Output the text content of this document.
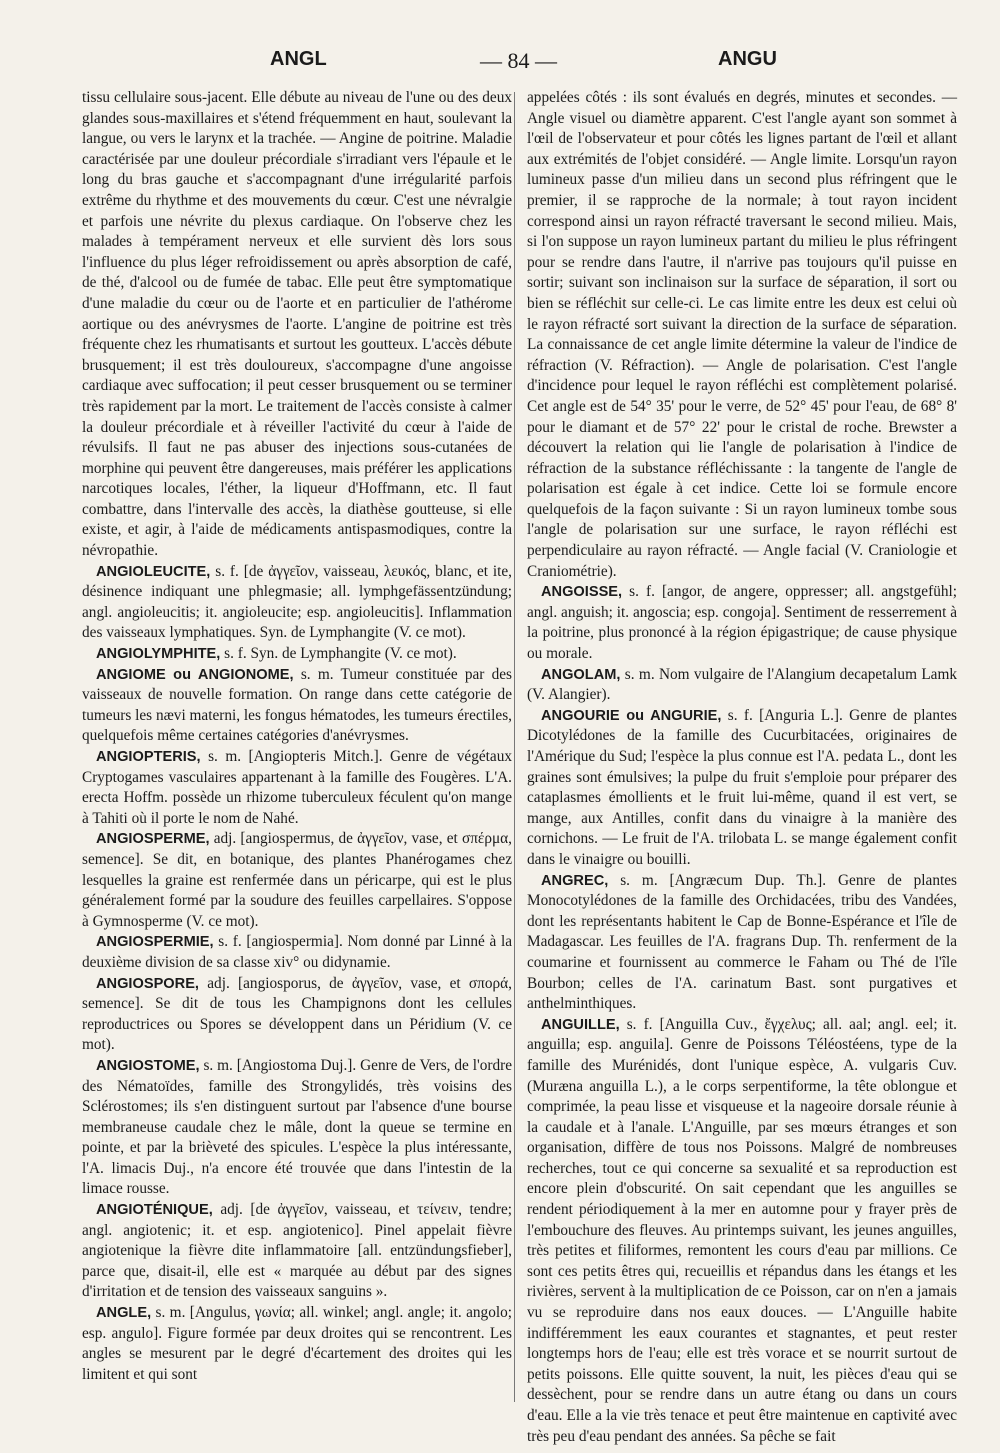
ANGL	— 84 —	ANGU

tissu cellulaire sous-jacent. Elle débute au niveau de l'une ou des deux glandes sous-maxillaires et s'étend fréquemment en haut, soulevant la langue, ou vers le larynx et la trachée. — Angine de poitrine. Maladie caractérisée par une douleur précordiale s'irradiant vers l'épaule et le long du bras gauche et s'accompagnant d'une irrégularité parfois extrême du rhythme et des mouvements du cœur. C'est une névralgie et parfois une névrite du plexus cardiaque. On l'observe chez les malades à tempérament nerveux et elle survient dès lors sous l'influence du plus léger refroidissement ou après absorption de café, de thé, d'alcool ou de fumée de tabac. Elle peut être symptomatique d'une maladie du cœur ou de l'aorte et en particulier de l'athérome aortique ou des anévrysmes de l'aorte. L'angine de poitrine est très fréquente chez les rhumatisants et surtout les goutteux. L'accès débute brusquement; il est très douloureux, s'accompagne d'une angoisse cardiaque avec suffocation; il peut cesser brusquement ou se terminer très rapidement par la mort. Le traitement de l'accès consiste à calmer la douleur précordiale et à réveiller l'activité du cœur à l'aide de révulsifs. Il faut ne pas abuser des injections sous-cutanées de morphine qui peuvent être dangereuses, mais préférer les applications narcotiques locales, l'éther, la liqueur d'Hoffmann, etc. Il faut combattre, dans l'intervalle des accès, la diathèse goutteuse, si elle existe, et agir, à l'aide de médicaments antispasmodiques, contre la névropathie.

ANGIOLEUCITE, s. f. [de ἀγγεῖον, vaisseau, λευκός, blanc, et ite, désinence indiquant une phlegmasie; all. lymphgefässentzündung; angl. angioleucitis; it. angioleucite; esp. angioleucitis]. Inflammation des vaisseaux lymphatiques. Syn. de Lymphangite (V. ce mot).

ANGIOLYMPHITE, s. f. Syn. de Lymphangite (V. ce mot).

ANGIOME ou ANGIONOME, s. m. Tumeur constituée par des vaisseaux de nouvelle formation. On range dans cette catégorie de tumeurs les nævi materni, les fongus hématodes, les tumeurs érectiles, quelquefois même certaines catégories d'anévrysmes.

ANGIOPTERIS, s. m. [Angiopteris Mitch.]. Genre de végétaux Cryptogames vasculaires appartenant à la famille des Fougères. L'A. erecta Hoffm. possède un rhizome tuberculeux féculent qu'on mange à Tahiti où il porte le nom de Nahé.

ANGIOSPERME, adj. [angiospermus, de ἀγγεῖον, vase, et σπέρμα, semence]. Se dit, en botanique, des plantes Phanérogames chez lesquelles la graine est renfermée dans un péricarpe, qui est le plus généralement formé par la soudure des feuilles carpellaires. S'oppose à Gymnosperme (V. ce mot).

ANGIOSPERMIE, s. f. [angiospermia]. Nom donné par Linné à la deuxième division de sa classe xiv° ou didynamie.

ANGIOSPORE, adj. [angiosporus, de ἀγγεῖον, vase, et σπορά, semence]. Se dit de tous les Champignons dont les cellules reproductrices ou Spores se développent dans un Péridium (V. ce mot).

ANGIOSTOME, s. m. [Angiostoma Duj.]. Genre de Vers, de l'ordre des Nématoïdes, famille des Strongylidés, très voisins des Sclérostomes; ils s'en distinguent surtout par l'absence d'une bourse membraneuse caudale chez le mâle, dont la queue se termine en pointe, et par la brièveté des spicules. L'espèce la plus intéressante, l'A. limacis Duj., n'a encore été trouvée que dans l'intestin de la limace rousse.

ANGIOTÉNIQUE, adj. [de ἀγγεῖον, vaisseau, et τείνειν, tendre; angl. angiotenic; it. et esp. angiotenico]. Pinel appelait fièvre angiotenique la fièvre dite inflammatoire [all. entzündungsfieber], parce que, disait-il, elle est « marquée au début par des signes d'irritation et de tension des vaisseaux sanguins ».

ANGLE, s. m. [Angulus, γωνία; all. winkel; angl. angle; it. angolo; esp. angulo]. Figure formée par deux droites qui se rencontrent. Les angles se mesurent par le degré d'écartement des droites qui les limitent et qui sont

appelées côtés : ils sont évalués en degrés, minutes et secondes. — Angle visuel ou diamètre apparent. C'est l'angle ayant son sommet à l'œil de l'observateur et pour côtés les lignes partant de l'œil et allant aux extrémités de l'objet considéré. — Angle limite. Lorsqu'un rayon lumineux passe d'un milieu dans un second plus réfringent que le premier, il se rapproche de la normale; à tout rayon incident correspond ainsi un rayon réfracté traversant le second milieu. Mais, si l'on suppose un rayon lumineux partant du milieu le plus réfringent pour se rendre dans l'autre, il n'arrive pas toujours qu'il puisse en sortir; suivant son inclinaison sur la surface de séparation, il sort ou bien se réfléchit sur celle-ci. Le cas limite entre les deux est celui où le rayon réfracté sort suivant la direction de la surface de séparation. La connaissance de cet angle limite détermine la valeur de l'indice de réfraction (V. Réfraction). — Angle de polarisation. C'est l'angle d'incidence pour lequel le rayon réfléchi est complètement polarisé. Cet angle est de 54° 35' pour le verre, de 52° 45' pour l'eau, de 68° 8' pour le diamant et de 57° 22' pour le cristal de roche. Brewster a découvert la relation qui lie l'angle de polarisation à l'indice de réfraction de la substance réfléchissante : la tangente de l'angle de polarisation est égale à cet indice. Cette loi se formule encore quelquefois de la façon suivante : Si un rayon lumineux tombe sous l'angle de polarisation sur une surface, le rayon réfléchi est perpendiculaire au rayon réfracté. — Angle facial (V. Craniologie et Craniométrie).

ANGOISSE, s. f. [angor, de angere, oppresser; all. angstgefühl; angl. anguish; it. angoscia; esp. congoja]. Sentiment de resserrement à la poitrine, plus prononcé à la région épigastrique; de cause physique ou morale.

ANGOLAM, s. m. Nom vulgaire de l'Alangium decapetalum Lamk (V. Alangier).

ANGOURIE ou ANGURIE, s. f. [Anguria L.]. Genre de plantes Dicotylédones de la famille des Cucurbitacées, originaires de l'Amérique du Sud; l'espèce la plus connue est l'A. pedata L., dont les graines sont émulsives; la pulpe du fruit s'emploie pour préparer des cataplasmes émollients et le fruit lui-même, quand il est vert, se mange, aux Antilles, confit dans du vinaigre à la manière des cornichons. — Le fruit de l'A. trilobata L. se mange également confit dans le vinaigre ou bouilli.

ANGREC, s. m. [Angræcum Dup. Th.]. Genre de plantes Monocotylédones de la famille des Orchidacées, tribu des Vandées, dont les représentants habitent le Cap de Bonne-Espérance et l'île de Madagascar. Les feuilles de l'A. fragrans Dup. Th. renferment de la coumarine et fournissent au commerce le Faham ou Thé de l'île Bourbon; celles de l'A. carinatum Bast. sont purgatives et anthelminthiques.

ANGUILLE, s. f. [Anguilla Cuv., ἔγχελυς; all. aal; angl. eel; it. anguilla; esp. anguila]. Genre de Poissons Téléostéens, type de la famille des Murénidés, dont l'unique espèce, A. vulgaris Cuv. (Muræna anguilla L.), a le corps serpentiforme, la tête oblongue et comprimée, la peau lisse et visqueuse et la nageoire dorsale réunie à la caudale et à l'anale. L'Anguille, par ses mœurs étranges et son organisation, diffère de tous nos Poissons. Malgré de nombreuses recherches, tout ce qui concerne sa sexualité et sa reproduction est encore plein d'obscurité. On sait cependant que les anguilles se rendent périodiquement à la mer en automne pour y frayer près de l'embouchure des fleuves. Au printemps suivant, les jeunes anguilles, très petites et filiformes, remontent les cours d'eau par millions. Ce sont ces petits êtres qui, recueillis et répandus dans les étangs et les rivières, servent à la multiplication de ce Poisson, car on n'en a jamais vu se reproduire dans nos eaux douces. — L'Anguille habite indifféremment les eaux courantes et stagnantes, et peut rester longtemps hors de l'eau; elle est très vorace et se nourrit surtout de petits poissons. Elle quitte souvent, la nuit, les pièces d'eau qui se dessèchent, pour se rendre dans un autre étang ou dans un cours d'eau. Elle a la vie très tenace et peut être maintenue en captivité avec très peu d'eau pendant des années. Sa pêche se fait
